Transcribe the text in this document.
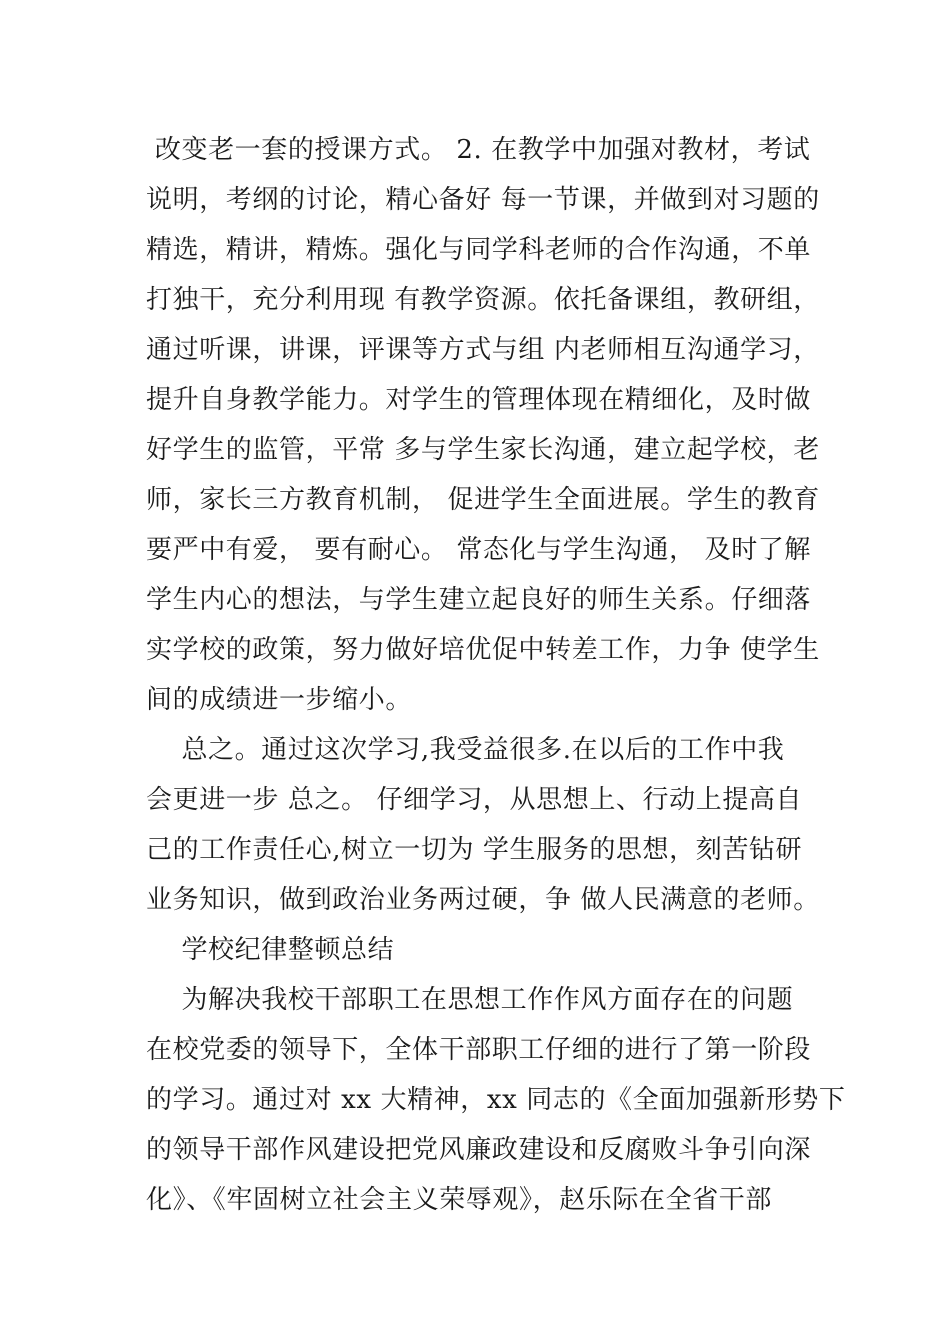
改变老一套的授课方式。 2. 在教学中加强对教材，考试
说明，考纲的讨论，精心备好 每一节课，并做到对习题的
精选，精讲，精炼。强化与同学科老师的合作沟通，不单
打独干，充分利用现 有教学资源。依托备课组，教研组，
通过听课，讲课，评课等方式与组 内老师相互沟通学习，
提升自身教学能力。对学生的管理体现在精细化，及时做
好学生的监管，平常 多与学生家长沟通，建立起学校，老
师，家长三方教育机制， 促进学生全面进展。学生的教育
要严中有爱， 要有耐心。 常态化与学生沟通， 及时了解
学生内心的想法，与学生建立起良好的师生关系。仔细落
实学校的政策，努力做好培优促中转差工作，力争 使学生
间的成绩进一步缩小。
总之。通过这次学习,我受益很多.在以后的工作中我
会更进一步 总之。 仔细学习，从思想上、行动上提高自
己的工作责任心,树立一切为 学生服务的思想，刻苦钻研
业务知识，做到政治业务两过硬，争 做人民满意的老师。
学校纪律整顿总结
为解决我校干部职工在思想工作作风方面存在的问题
在校党委的领导下，全体干部职工仔细的进行了第一阶段
的学习。通过对 xx 大精神，xx 同志的《全面加强新形势下
的领导干部作风建设把党风廉政建设和反腐败斗争引向深
化》、《牢固树立社会主义荣辱观》，赵乐际在全省干部
